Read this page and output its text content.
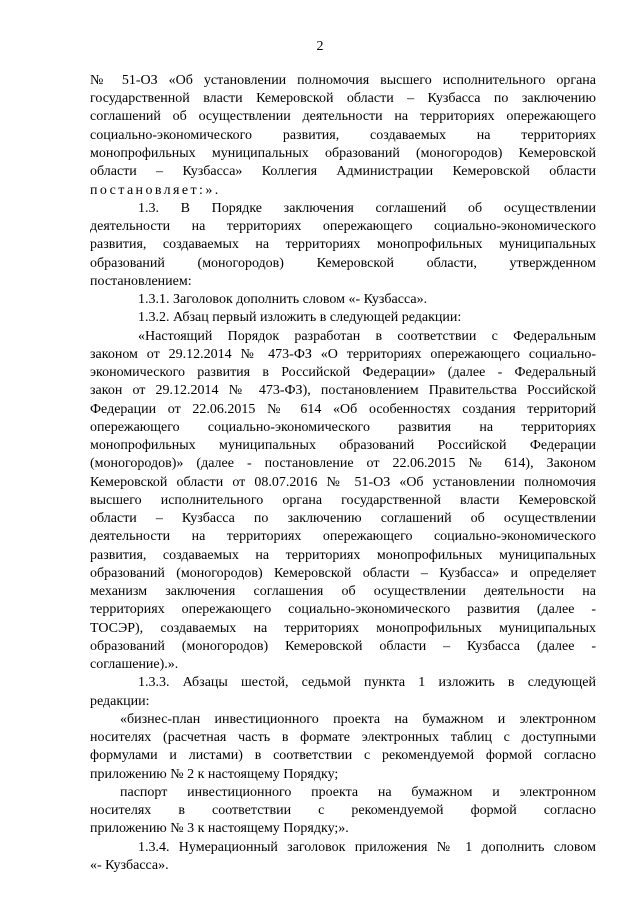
2
№ 51-ОЗ «Об установлении полномочия высшего исполнительного органа
государственной власти Кемеровской области – Кузбасса по заключению
соглашений об осуществлении деятельности на территориях опережающего
социально-экономического развития, создаваемых на территориях
монопрофильных муниципальных образований (моногородов) Кемеровской
области – Кузбасса» Коллегия Администрации Кемеровской области
постановляет:».
1.3. В Порядке заключения соглашений об осуществлении
деятельности на территориях опережающего социально-экономического
развития, создаваемых на территориях монопрофильных муниципальных
образований (моногородов) Кемеровской области, утвержденном
постановлением:
1.3.1. Заголовок дополнить словом «- Кузбасса».
1.3.2. Абзац первый изложить в следующей редакции:
«Настоящий Порядок разработан в соответствии с Федеральным
законом от 29.12.2014 № 473-ФЗ «О территориях опережающего социально-
экономического развития в Российской Федерации» (далее - Федеральный
закон от 29.12.2014 № 473-ФЗ), постановлением Правительства Российской
Федерации от 22.06.2015 № 614 «Об особенностях создания территорий
опережающего социально-экономического развития на территориях
монопрофильных муниципальных образований Российской Федерации
(моногородов)» (далее - постановление от 22.06.2015 № 614), Законом
Кемеровской области от 08.07.2016 № 51-ОЗ «Об установлении полномочия
высшего исполнительного органа государственной власти Кемеровской
области – Кузбасса по заключению соглашений об осуществлении
деятельности на территориях опережающего социально-экономического
развития, создаваемых на территориях монопрофильных муниципальных
образований (моногородов) Кемеровской области – Кузбасса» и определяет
механизм заключения соглашения об осуществлении деятельности на
территориях опережающего социально-экономического развития (далее -
ТОСЭР), создаваемых на территориях монопрофильных муниципальных
образований (моногородов) Кемеровской области – Кузбасса (далее -
соглашение).».
1.3.3. Абзацы шестой, седьмой пункта 1 изложить в следующей
редакции:
«бизнес-план инвестиционного проекта на бумажном и электронном
носителях (расчетная часть в формате электронных таблиц с доступными
формулами и листами) в соответствии с рекомендуемой формой согласно
приложению № 2 к настоящему Порядку;
паспорт инвестиционного проекта на бумажном и электронном
носителях в соответствии с рекомендуемой формой согласно
приложению № 3 к настоящему Порядку;».
1.3.4. Нумерационный заголовок приложения № 1 дополнить словом
«- Кузбасса».
